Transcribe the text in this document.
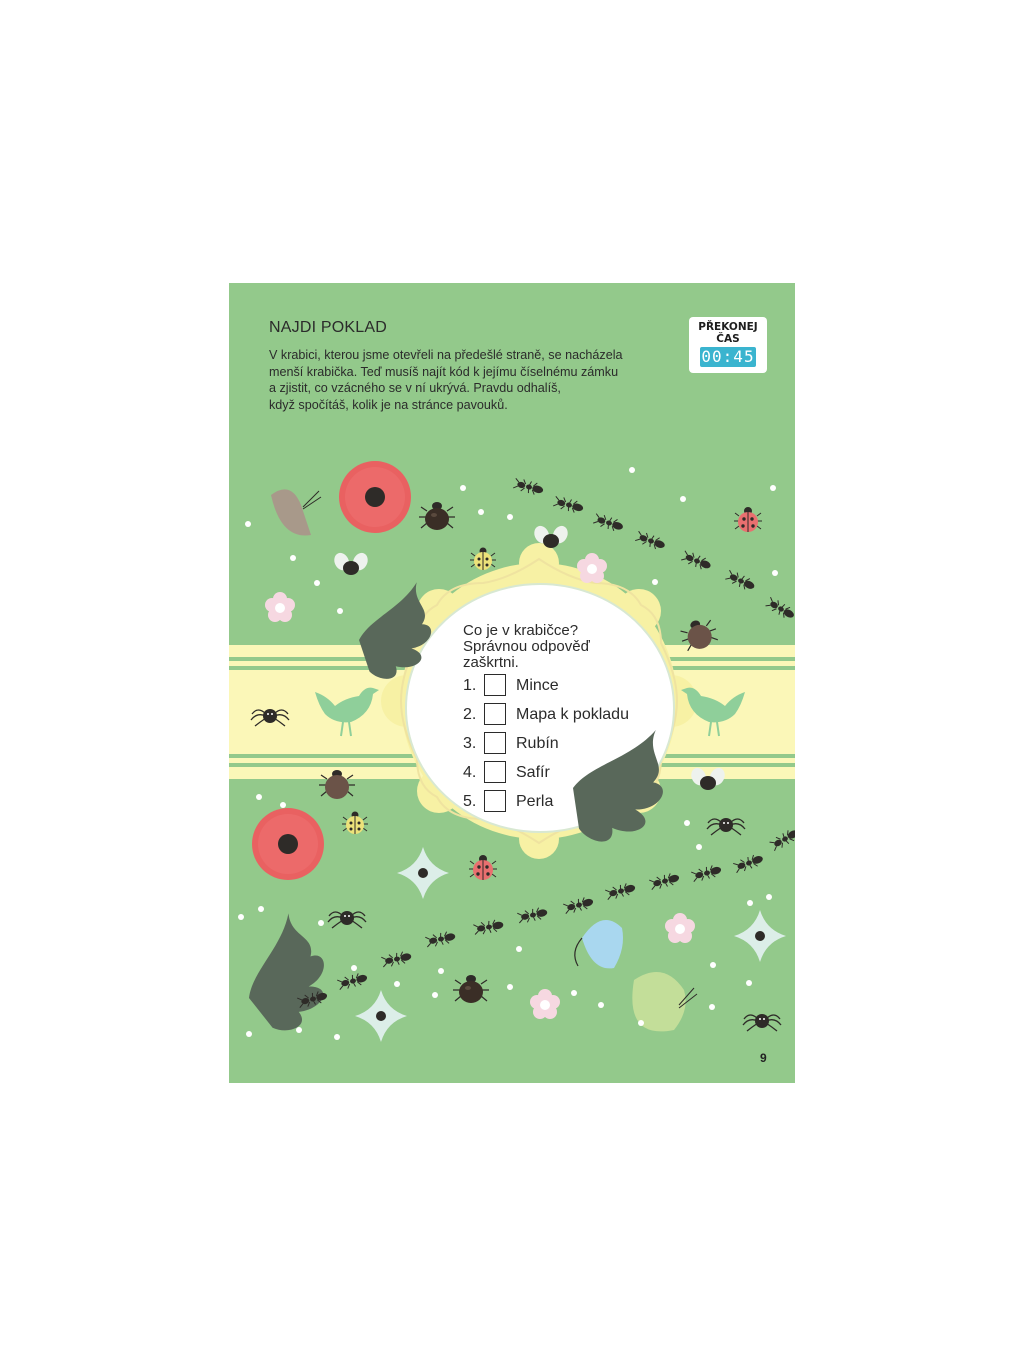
NAJDI POKLAD
V krabici, kterou jsme otevřeli na předešlé straně, se nacházela
menší krabička. Teď musíš najít kód k jejímu číselnému zámku
a zjistit, co vzácného se v ní ukrývá. Pravdu odhalíš,
když spočítáš, kolik je na stránce pavouků.
PŘEKONEJ
ČAS
00:45
Co je v krabičce?
Správnou odpověď
zaškrtni.
1. Mince
2. Mapa k pokladu
3. Rubín
4. Safír
5. Perla
9
